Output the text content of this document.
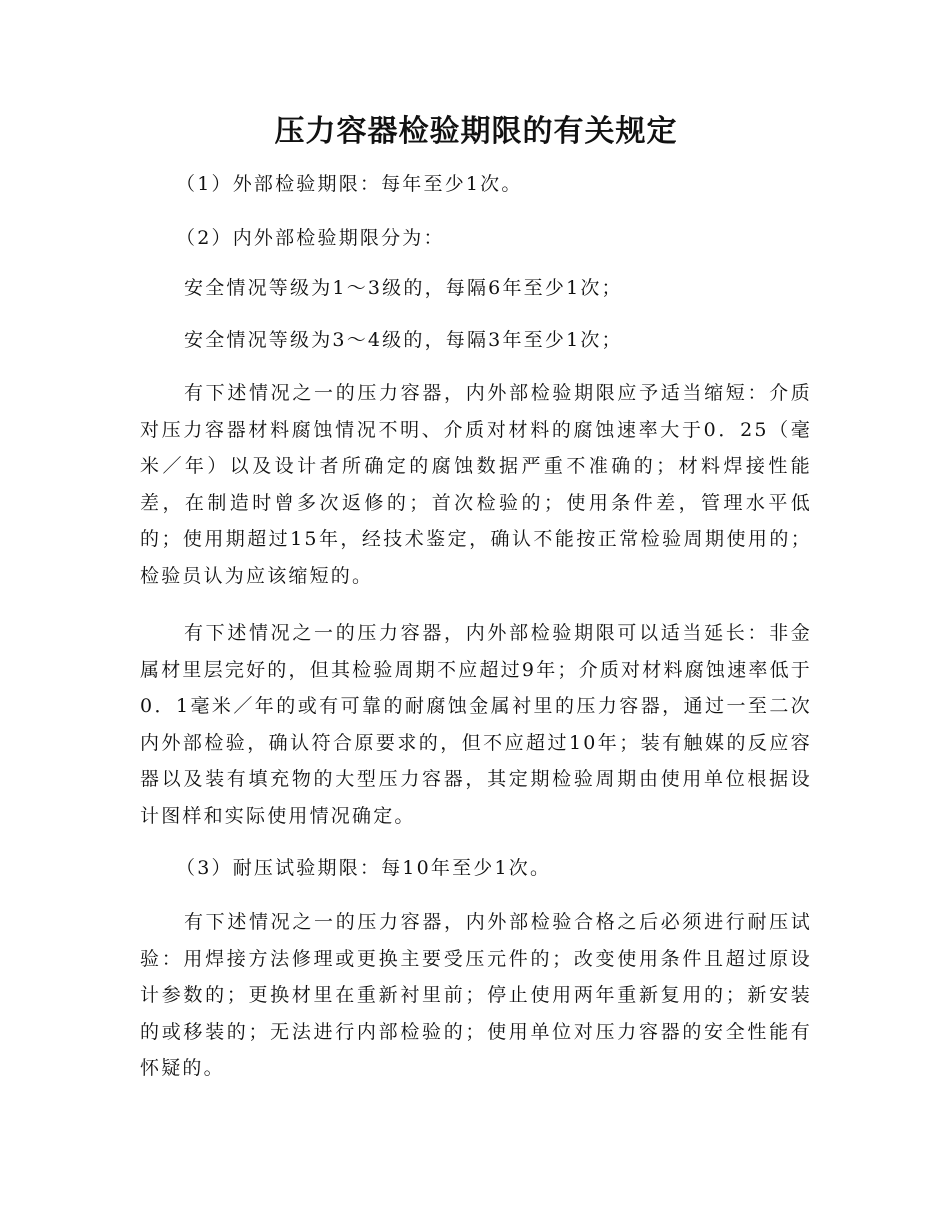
压力容器检验期限的有关规定

（1）外部检验期限：每年至少1次。

（2）内外部检验期限分为：

安全情况等级为1～3级的，每隔6年至少1次；

安全情况等级为3～4级的，每隔3年至少1次；

有下述情况之一的压力容器，内外部检验期限应予适当缩短：介质对压力容器材料腐蚀情况不明、介质对材料的腐蚀速率大于0．25（毫米／年）以及设计者所确定的腐蚀数据严重不准确的；材料焊接性能差，在制造时曾多次返修的；首次检验的；使用条件差，管理水平低的；使用期超过15年，经技术鉴定，确认不能按正常检验周期使用的；检验员认为应该缩短的。

有下述情况之一的压力容器，内外部检验期限可以适当延长：非金属材里层完好的，但其检验周期不应超过9年；介质对材料腐蚀速率低于0．1毫米／年的或有可靠的耐腐蚀金属衬里的压力容器，通过一至二次内外部检验，确认符合原要求的，但不应超过10年；装有触媒的反应容器以及装有填充物的大型压力容器，其定期检验周期由使用单位根据设计图样和实际使用情况确定。

（3）耐压试验期限：每10年至少1次。

有下述情况之一的压力容器，内外部检验合格之后必须进行耐压试验：用焊接方法修理或更换主要受压元件的；改变使用条件且超过原设计参数的；更换材里在重新衬里前；停止使用两年重新复用的；新安装的或移装的；无法进行内部检验的；使用单位对压力容器的安全性能有怀疑的。
